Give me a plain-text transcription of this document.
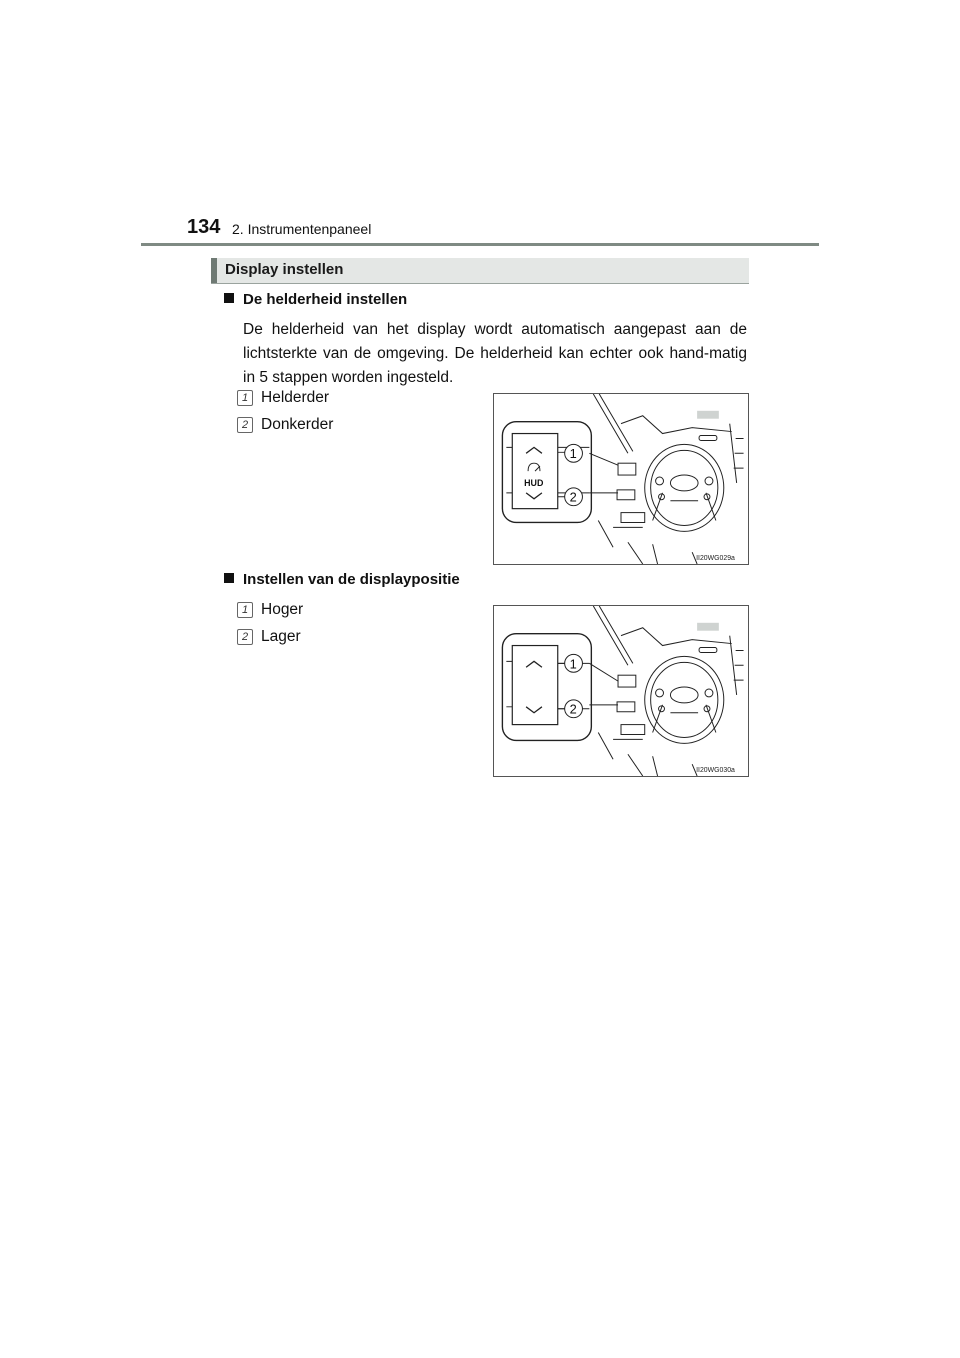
134 2. Instrumentenpaneel
Display instellen
De helderheid instellen
De helderheid van het display wordt automatisch aangepast aan de lichtsterkte van de omgeving. De helderheid kan echter ook hand-matig in 5 stappen worden ingesteld.
1 Helderder
2 Donkerder
HUD
1
2
II20WG029a
Instellen van de displaypositie
1 Hoger
2 Lager
1
2
II20WG030a
